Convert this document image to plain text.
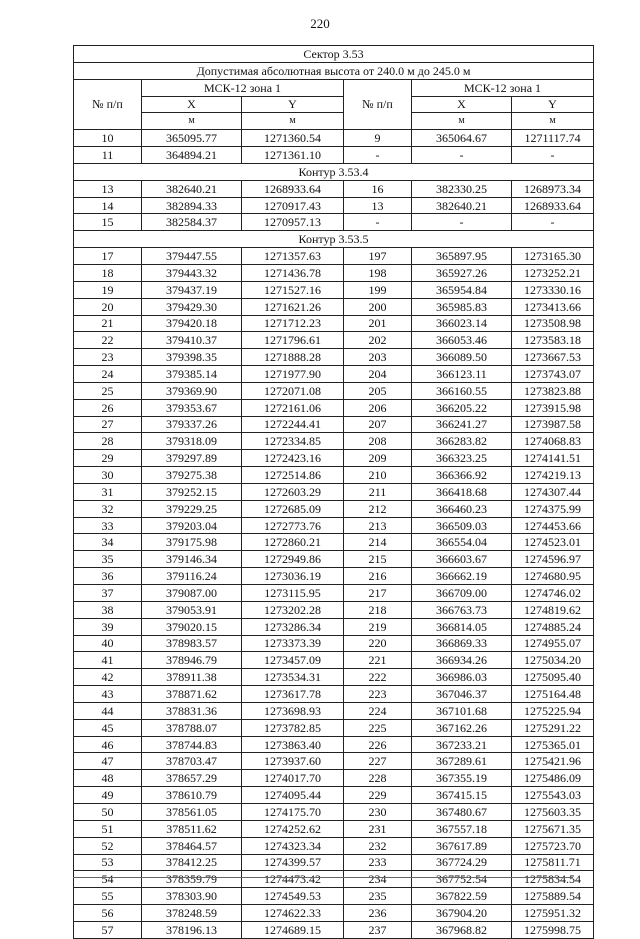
220
Сектор 3.53					
Допустимая абсолютная высота от 240.0 м до 245.0 м					
№ п/п	МСК-12 зона 1		№ п/п	МСК-12 зона 1	
	X	Y		X	Y
	м	м		м	м
10	365095.77	1271360.54	9	365064.67	1271117.74
11	364894.21	1271361.10	-	-	-
Контур 3.53.4					
13	382640.21	1268933.64	16	382330.25	1268973.34
14	382894.33	1270917.43	13	382640.21	1268933.64
15	382584.37	1270957.13	-	-	-
Контур 3.53.5					
17	379447.55	1271357.63	197	365897.95	1273165.30
18	379443.32	1271436.78	198	365927.26	1273252.21
19	379437.19	1271527.16	199	365954.84	1273330.16
20	379429.30	1271621.26	200	365985.83	1273413.66
21	379420.18	1271712.23	201	366023.14	1273508.98
22	379410.37	1271796.61	202	366053.46	1273583.18
23	379398.35	1271888.28	203	366089.50	1273667.53
24	379385.14	1271977.90	204	366123.11	1273743.07
25	379369.90	1272071.08	205	366160.55	1273823.88
26	379353.67	1272161.06	206	366205.22	1273915.98
27	379337.26	1272244.41	207	366241.27	1273987.58
28	379318.09	1272334.85	208	366283.82	1274068.83
29	379297.89	1272423.16	209	366323.25	1274141.51
30	379275.38	1272514.86	210	366366.92	1274219.13
31	379252.15	1272603.29	211	366418.68	1274307.44
32	379229.25	1272685.09	212	366460.23	1274375.99
33	379203.04	1272773.76	213	366509.03	1274453.66
34	379175.98	1272860.21	214	366554.04	1274523.01
35	379146.34	1272949.86	215	366603.67	1274596.97
36	379116.24	1273036.19	216	366662.19	1274680.95
37	379087.00	1273115.95	217	366709.00	1274746.02
38	379053.91	1273202.28	218	366763.73	1274819.62
39	379020.15	1273286.34	219	366814.05	1274885.24
40	378983.57	1273373.39	220	366869.33	1274955.07
41	378946.79	1273457.09	221	366934.26	1275034.20
42	378911.38	1273534.31	222	366986.03	1275095.40
43	378871.62	1273617.78	223	367046.37	1275164.48
44	378831.36	1273698.93	224	367101.68	1275225.94
45	378788.07	1273782.85	225	367162.26	1275291.22
46	378744.83	1273863.40	226	367233.21	1275365.01
47	378703.47	1273937.60	227	367289.61	1275421.96
48	378657.29	1274017.70	228	367355.19	1275486.09
49	378610.79	1274095.44	229	367415.15	1275543.03
50	378561.05	1274175.70	230	367480.67	1275603.35
51	378511.62	1274252.62	231	367557.18	1275671.35
52	378464.57	1274323.34	232	367617.89	1275723.70
53	378412.25	1274399.57	233	367724.29	1275811.71
54	378359.79	1274473.42	234	367752.54	1275834.54
55	378303.90	1274549.53	235	367822.59	1275889.54
56	378248.59	1274622.33	236	367904.20	1275951.32
57	378196.13	1274689.15	237	367968.82	1275998.75
